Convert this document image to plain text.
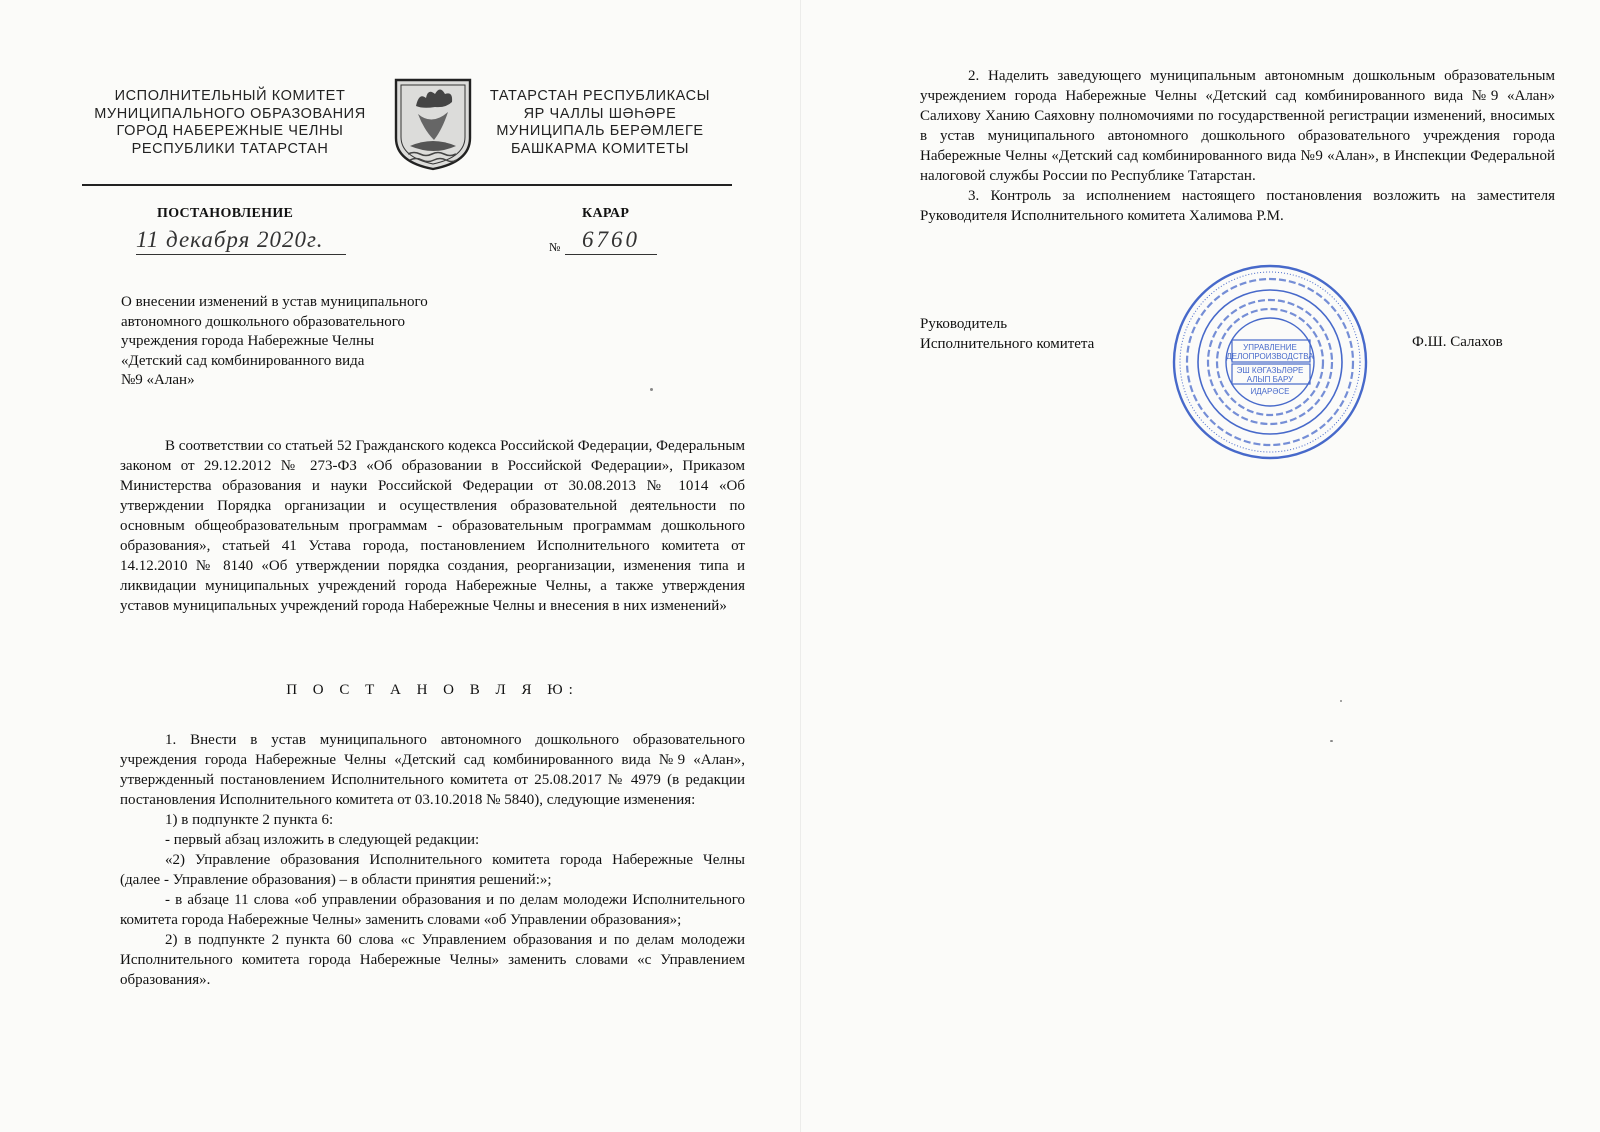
ИСПОЛНИТЕЛЬНЫЙ КОМИТЕТ
МУНИЦИПАЛЬНОГО ОБРАЗОВАНИЯ
ГОРОД НАБЕРЕЖНЫЕ ЧЕЛНЫ
РЕСПУБЛИКИ ТАТАРСТАН
ТАТАРСТАН РЕСПУБЛИКАСЫ
ЯР ЧАЛЛЫ ШӘҺӘРЕ
МУНИЦИПАЛЬ БЕРӘМЛЕГЕ
БАШКАРМА КОМИТЕТЫ
ПОСТАНОВЛЕНИЕ	КАРАР
11 декабря 2020г.	№ 6760
О внесении изменений в устав муниципального
автономного дошкольного образовательного
учреждения города Набережные Челны
«Детский сад комбинированного вида
№9 «Алан»

В соответствии со статьей 52 Гражданского кодекса Российской Федерации, Федеральным законом от 29.12.2012 № 273-ФЗ «Об образовании в Российской Федерации», Приказом Министерства образования и науки Российской Федерации от 30.08.2013 № 1014 «Об утверждении Порядка организации и осуществления образовательной деятельности по основным общеобразовательным программам - образовательным программам дошкольного образования», статьей 41 Устава города, постановлением Исполнительного комитета от 14.12.2010 № 8140 «Об утверждении порядка создания, реорганизации, изменения типа и ликвидации муниципальных учреждений города Набережные Челны, а также утверждения уставов муниципальных учреждений города Набережные Челны и внесения в них изменений»

П О С Т А Н О В Л Я Ю:

1. Внести в устав муниципального автономного дошкольного образовательного учреждения города Набережные Челны «Детский сад комбинированного вида №9 «Алан», утвержденный постановлением Исполнительного комитета от 25.08.2017 № 4979 (в редакции постановления Исполнительного комитета от 03.10.2018 № 5840), следующие изменения:

1) в подпункте 2 пункта 6:

- первый абзац изложить в следующей редакции:

«2) Управление образования Исполнительного комитета города Набережные Челны (далее - Управление образования) – в области принятия решений:»;

- в абзаце 11 слова «об управлении образования и по делам молодежи Исполнительного комитета города Набережные Челны» заменить словами «об Управлении образования»;

2) в подпункте 2 пункта 60 слова «с Управлением образования и по делам молодежи Исполнительного комитета города Набережные Челны» заменить словами «с Управлением образования».

2. Наделить заведующего муниципальным автономным дошкольным образовательным учреждением города Набережные Челны «Детский сад комбинированного вида №9 «Алан» Салихову Ханию Саяховну полномочиями по государственной регистрации изменений, вносимых в устав муниципального автономного дошкольного образовательного учреждения города Набережные Челны «Детский сад комбинированного вида №9 «Алан», в Инспекции Федеральной налоговой службы России по Республике Татарстан.

3. Контроль за исполнением настоящего постановления возложить на заместителя Руководителя Исполнительного комитета Халимова Р.М.

УПРАВЛЕНИЕ
ДЕЛОПРОИЗВОДСТВА
ЭШ КӘГАЗЬЛӘРЕ
АЛЫП БАРУ
ИДАРӘСЕ
Руководитель
Исполнительного комитета	Ф.Ш. Салахов
